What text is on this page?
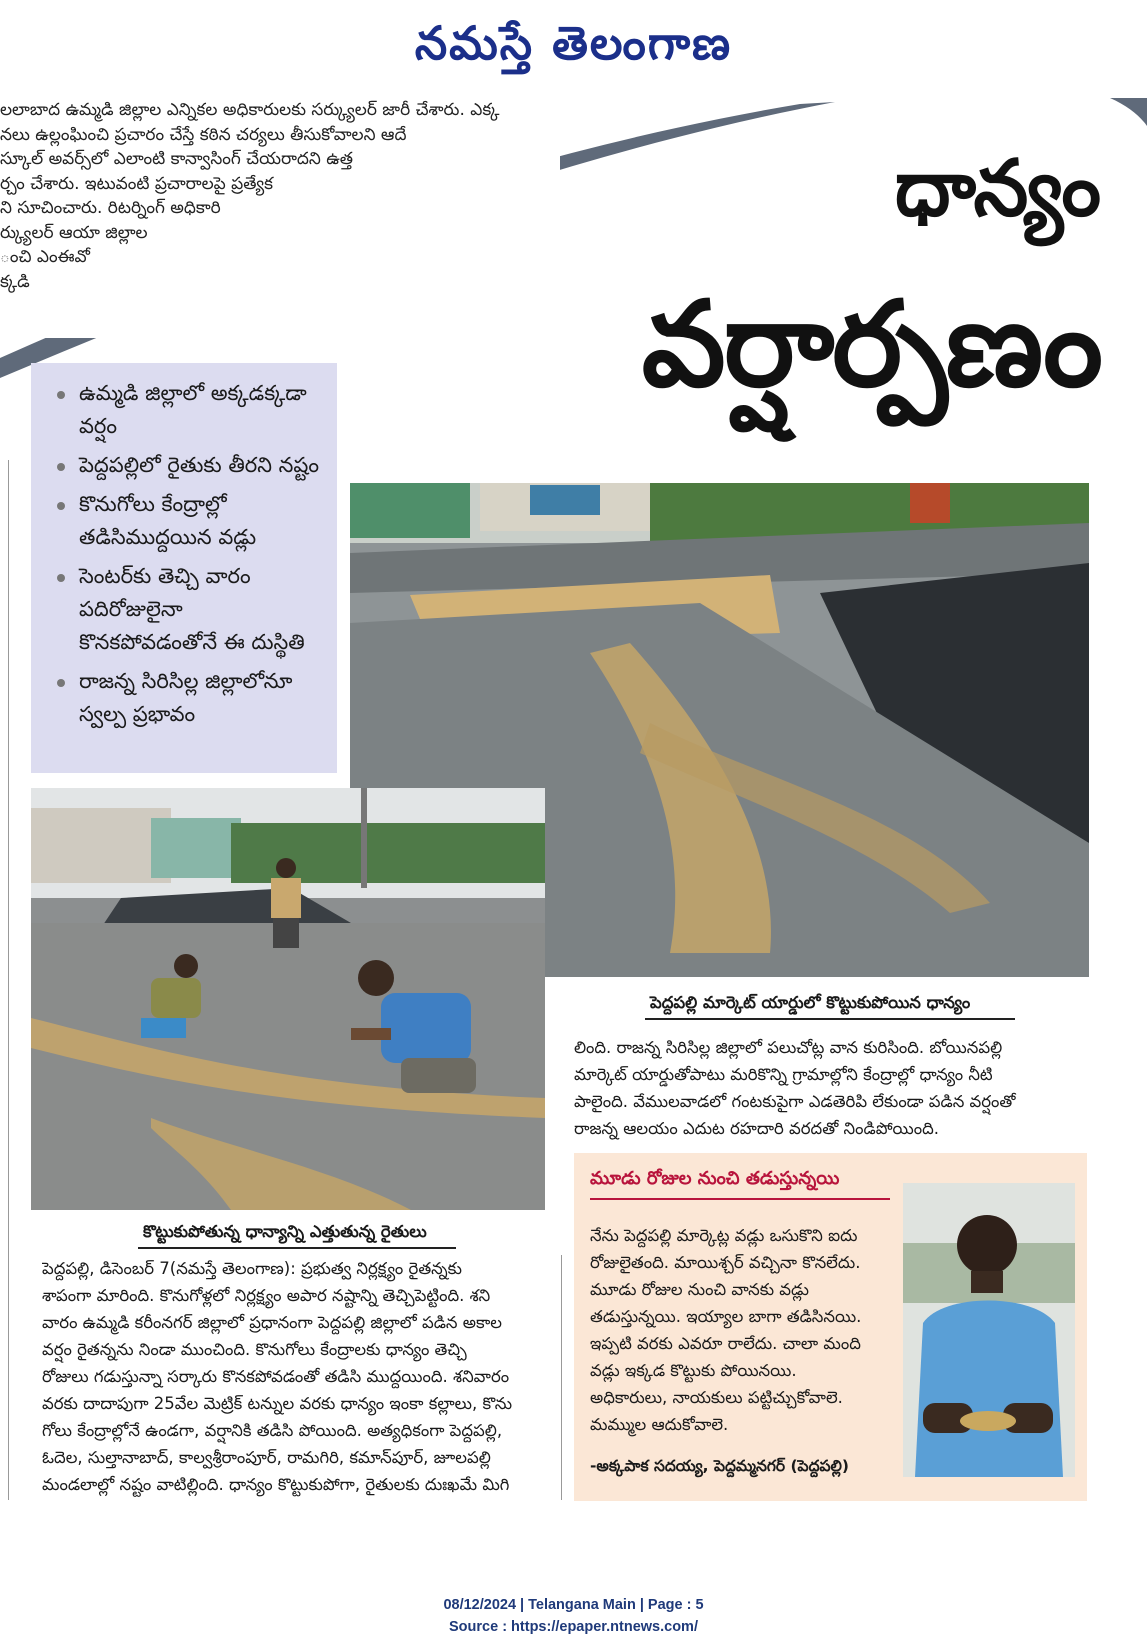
నమస్తే తెలంగాణ
లలాబాద ఉమ్మడి జిల్లాల ఎన్నికల అధికారులకు సర్క్యులర్ జారీ చేశారు. ఎక్క
నలు ఉల్లంఘించి ప్రచారం చేస్తే కఠిన చర్యలు తీసుకోవాలని ఆదే
స్కూల్ అవర్స్‌లో ఎలాంటి కాన్వాసింగ్ చేయరాదని ఉత్త
ర్చం చేశారు. ఇటువంటి ప్రచారాలపై ప్రత్యేక
ని సూచించారు. రిటర్నింగ్ అధికారి
ర్క్యులర్ ఆయా జిల్లాల
ంచి ఎంఈవో
క్కడి
ధాన్యం
వర్షార్పణం
ఉమ్మడి జిల్లాలో అక్కడక్కడా వర్షం
పెద్దపల్లిలో రైతుకు తీరని నష్టం
కొనుగోలు కేంద్రాల్లో తడిసిముద్దయిన వడ్లు
సెంటర్‌కు తెచ్చి వారం పదిరోజులైనా కొనకపోవడంతోనే ఈ దుస్థితి
రాజన్న సిరిసిల్ల జిల్లాలోనూ స్వల్ప ప్రభావం
పెద్దపల్లి మార్కెట్ యార్డులో కొట్టుకుపోయిన ధాన్యం
కొట్టుకుపోతున్న ధాన్యాన్ని ఎత్తుతున్న రైతులు
లింది. రాజన్న సిరిసిల్ల జిల్లాలో పలుచోట్ల వాన కురిసింది. బోయినపల్లి
మార్కెట్ యార్డుతోపాటు మరికొన్ని గ్రామాల్లోని కేంద్రాల్లో ధాన్యం నీటి
పాలైంది. వేములవాడలో గంటకుపైగా ఎడతెరిపి లేకుండా పడిన వర్షంతో
రాజన్న ఆలయం ఎదుట రహదారి వరదతో నిండిపోయింది.
పెద్దపల్లి, డిసెంబర్ 7(నమస్తే తెలంగాణ): ప్రభుత్వ నిర్లక్ష్యం రైతన్నకు
శాపంగా మారింది. కొనుగోళ్లలో నిర్లక్ష్యం అపార నష్టాన్ని తెచ్చిపెట్టింది. శని
వారం ఉమ్మడి కరీంనగర్ జిల్లాలో ప్రధానంగా పెద్దపల్లి జిల్లాలో పడిన అకాల
వర్షం రైతన్నను నిండా ముంచింది. కొనుగోలు కేంద్రాలకు ధాన్యం తెచ్చి
రోజులు గడుస్తున్నా సర్కారు కొనకపోవడంతో తడిసి ముద్దయింది. శనివారం
వరకు దాదాపుగా 25వేల మెట్రిక్ టన్నుల వరకు ధాన్యం ఇంకా కల్లాలు, కొను
గోలు కేంద్రాల్లోనే ఉండగా, వర్షానికి తడిసి పోయింది. అత్యధికంగా పెద్దపల్లి,
ఓదెల, సుల్తానాబాద్, కాల్వశ్రీరాంపూర్, రామగిరి, కమాన్‌పూర్, జూలపల్లి
మండలాల్లో నష్టం వాటిల్లింది. ధాన్యం కొట్టుకుపోగా, రైతులకు దుఃఖమే మిగి
మూడు రోజుల నుంచి తడుస్తున్నయి
నేను పెద్దపల్లి మార్కెట్ల వడ్లు ఒసుకొని ఐదు
రోజులైతంది. మాయిశ్చర్ వచ్చినా కొనలేదు.
మూడు రోజుల నుంచి వానకు వడ్లు
తడుస్తున్నయి. ఇయ్యాల బాగా తడిసినయి.
ఇప్పటి వరకు ఎవరూ రాలేదు. చాలా మంది
వడ్లు ఇక్కడ కొట్టుకు పోయినయి.
అధికారులు, నాయకులు పట్టిచ్చుకోవాలె.
మమ్ముల ఆదుకోవాలె.
-అక్కపాక సదయ్య, పెద్దమ్మనగర్ (పెద్దపల్లి)
08/12/2024 | Telangana Main | Page : 5
Source : https://epaper.ntnews.com/
